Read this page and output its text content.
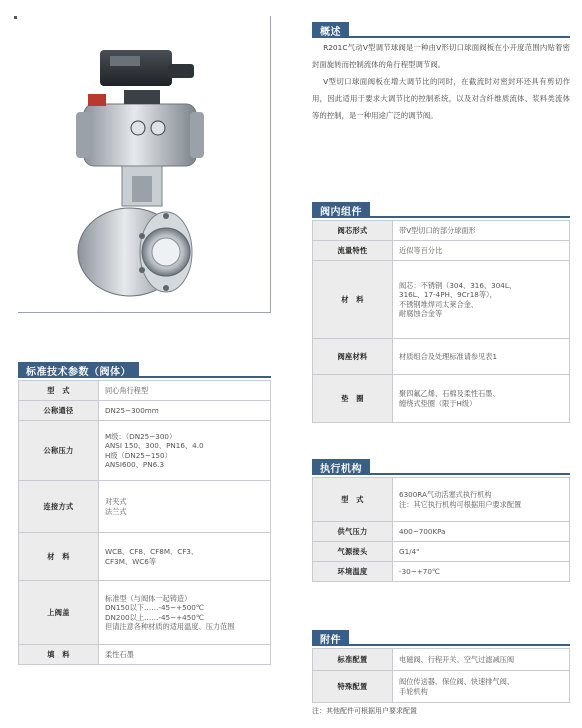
概述

R201C气动V型调节球阀是一种由V形切口球面阀板在小开度范围内贴着密封面旋转而控制流体的角行程型调节阀。

V型切口球面阀板在增大调节比的同时，在截流时对密封环还具有剪切作用，因此适用于要求大调节比的控制系统，以及对含纤维质流体、浆料类流体等的控制，是一种用途广泛的调节阀。

标准技术参数（阀体）
型　式	同心角行程型

公称通径	DN25~300mm

公称压力	M级：（DN25~300）
ANSI 150、300、PN16、4.0
H级（DN25~150）
ANSI600、PN6.3

连接方式	对夹式
法兰式

材　料	WCB、CF8、CF8M、CF3、
CF3M、WC6等

上阀盖	标准型（与阀体一起铸造）
DN150以下……-45~+500℃
DN200以上……-45~+450℃
但请注意各种材质的适用温度、压力范围

填　料	柔性石墨
阀内组件
阀芯形式	带V型切口的部分球面形

流量特性	近似等百分比

材　料	阀芯：不锈钢（304、316、304L、
316L、17-4PH、9Cr18等），
不锈钢堆焊司太莱合金、
耐腐蚀合金等

阀座材料	材质组合及处理标准请参见表1

垫　圈	聚四氟乙烯、石棉及柔性石墨、
缠绕式垫圈（限于H级）
执行机构
型　式	6300RA气动活塞式执行机构
注：其它执行机构可根据用户要求配置

供气压力	400~700KPa

气源接头	G1/4"

环境温度	-30~+70℃
附件
标准配置	电磁阀、行程开关、空气过滤减压阀

特殊配置	阀位传送器、保位阀、快速排气阀、
手轮机构
注：其他配件可根据用户要求配置
